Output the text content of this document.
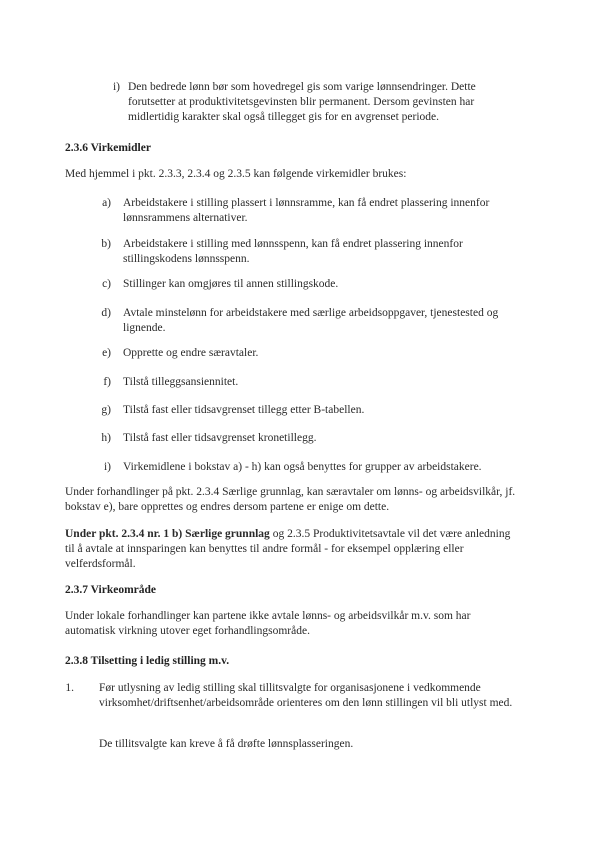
i) Den bedrede lønn bør som hovedregel gis som varige lønnsendringer. Dette forutsetter at produktivitetsgevinsten blir permanent. Dersom gevinsten har midlertidig karakter skal også tillegget gis for en avgrenset periode.
2.3.6 Virkemidler
Med hjemmel i pkt. 2.3.3, 2.3.4 og 2.3.5 kan følgende virkemidler brukes:
a) Arbeidstakere i stilling plassert i lønnsramme, kan få endret plassering innenfor lønnsrammens alternativer.
b) Arbeidstakere i stilling med lønnsspenn, kan få endret plassering innenfor stillingskodens lønnsspenn.
c) Stillinger kan omgjøres til annen stillingskode.
d) Avtale minstelønn for arbeidstakere med særlige arbeidsoppgaver, tjenestested og lignende.
e) Opprette og endre særavtaler.
f) Tilstå tilleggsansiennitet.
g) Tilstå fast eller tidsavgrenset tillegg etter B-tabellen.
h) Tilstå fast eller tidsavgrenset kronetillegg.
i) Virkemidlene i bokstav a) - h) kan også benyttes for grupper av arbeidstakere.
Under forhandlinger på pkt. 2.3.4 Særlige grunnlag, kan særavtaler om lønns- og arbeidsvilkår, jf. bokstav e), bare opprettes og endres dersom partene er enige om dette.
Under pkt. 2.3.4 nr. 1 b) Særlige grunnlag og 2.3.5 Produktivitetsavtale vil det være anledning til å avtale at innsparingen kan benyttes til andre formål - for eksempel opplæring eller velferdsformål.
2.3.7 Virkeområde
Under lokale forhandlinger kan partene ikke avtale lønns- og arbeidsvilkår m.v. som har automatisk virkning utover eget forhandlingsområde.
2.3.8 Tilsetting i ledig stilling m.v.
1. Før utlysning av ledig stilling skal tillitsvalgte for organisasjonene i vedkommende virksomhet/driftsenhet/arbeidsområde orienteres om den lønn stillingen vil bli utlyst med.
De tillitsvalgte kan kreve å få drøfte lønnsplasseringen.
